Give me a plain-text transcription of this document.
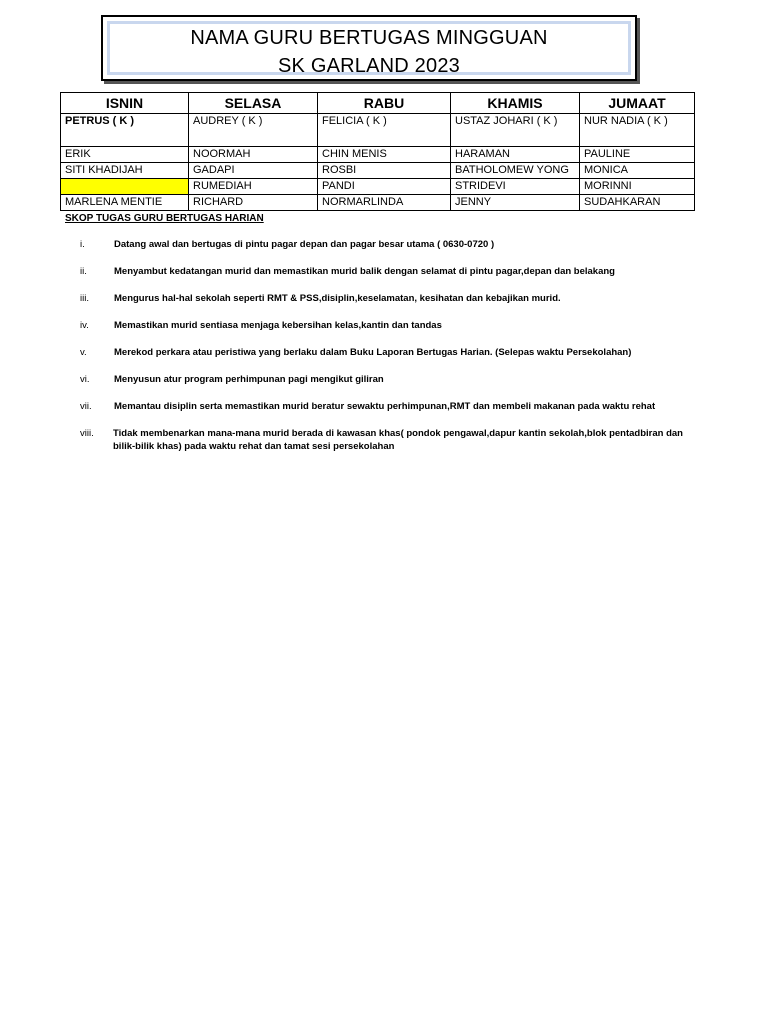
NAMA GURU BERTUGAS MINGGUAN
SK GARLAND 2023
ISNIN	SELASA	RABU	KHAMIS	JUMAAT
PETRUS ( K )	AUDREY ( K )	FELICIA ( K )	USTAZ JOHARI ( K )	NUR NADIA ( K )
ERIK	NOORMAH	CHIN MENIS	HARAMAN	PAULINE
SITI KHADIJAH	GADAPI	ROSBI	BATHOLOMEW YONG	MONICA
	RUMEDIAH	PANDI	STRIDEVI	MORINNI
MARLENA MENTIE	RICHARD	NORMARLINDA	JENNY	SUDAHKARAN
SKOP TUGAS GURU BERTUGAS HARIAN
i.	Datang awal dan bertugas di pintu pagar depan dan pagar besar utama ( 0630-0720 )
ii.	Menyambut kedatangan murid dan memastikan murid balik dengan selamat di pintu pagar,depan dan belakang
iii.	Mengurus hal-hal sekolah seperti RMT & PSS,disiplin,keselamatan, kesihatan dan kebajikan murid.
iv.	Memastikan murid sentiasa menjaga kebersihan kelas,kantin dan tandas
v.	Merekod perkara atau peristiwa yang berlaku dalam Buku Laporan Bertugas Harian. (Selepas waktu Persekolahan)
vi.	Menyusun atur program perhimpunan pagi mengikut giliran
vii.	Memantau disiplin serta memastikan murid beratur sewaktu perhimpunan,RMT dan membeli makanan pada waktu rehat
viii.	Tidak membenarkan mana-mana murid berada di kawasan khas( pondok pengawal,dapur kantin sekolah,blok pentadbiran dan bilik-bilik khas) pada waktu rehat dan tamat sesi persekolahan
